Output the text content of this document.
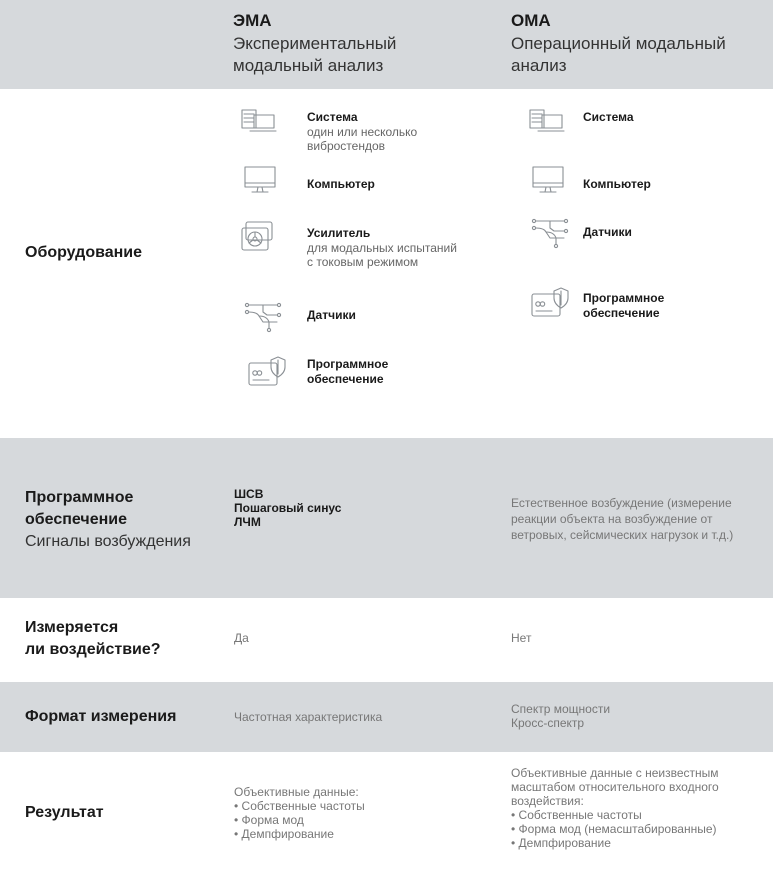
ЭМА
Экспериментальный
модальный анализ
ОМА
Операционный модальный
анализ
Оборудование
Система
один или несколько
вибростендов
Компьютер
Усилитель
для модальных испытаний
с токовым режимом
Датчики
Программное
обеспечение
Система
Компьютер
Датчики
Программное
обеспечение
Программное
обеспечение
Сигналы возбуждения
ШСВ
Пошаговый синус
ЛЧМ
Естественное возбуждение (измерение
реакции объекта на возбуждение от
ветровых, сейсмических нагрузок и т.д.)
Измеряется
ли воздействие?
Да	Нет
Формат измерения	Частотная характеристика
Спектр мощности
Кросс-спектр
Результат
Объективные данные:
• Собственные частоты
• Форма мод
• Демпфирование
Объективные данные с неизвестным
масштабом относительного входного
воздействия:
• Собственные частоты
• Форма мод (немасштабированные)
• Демпфирование
